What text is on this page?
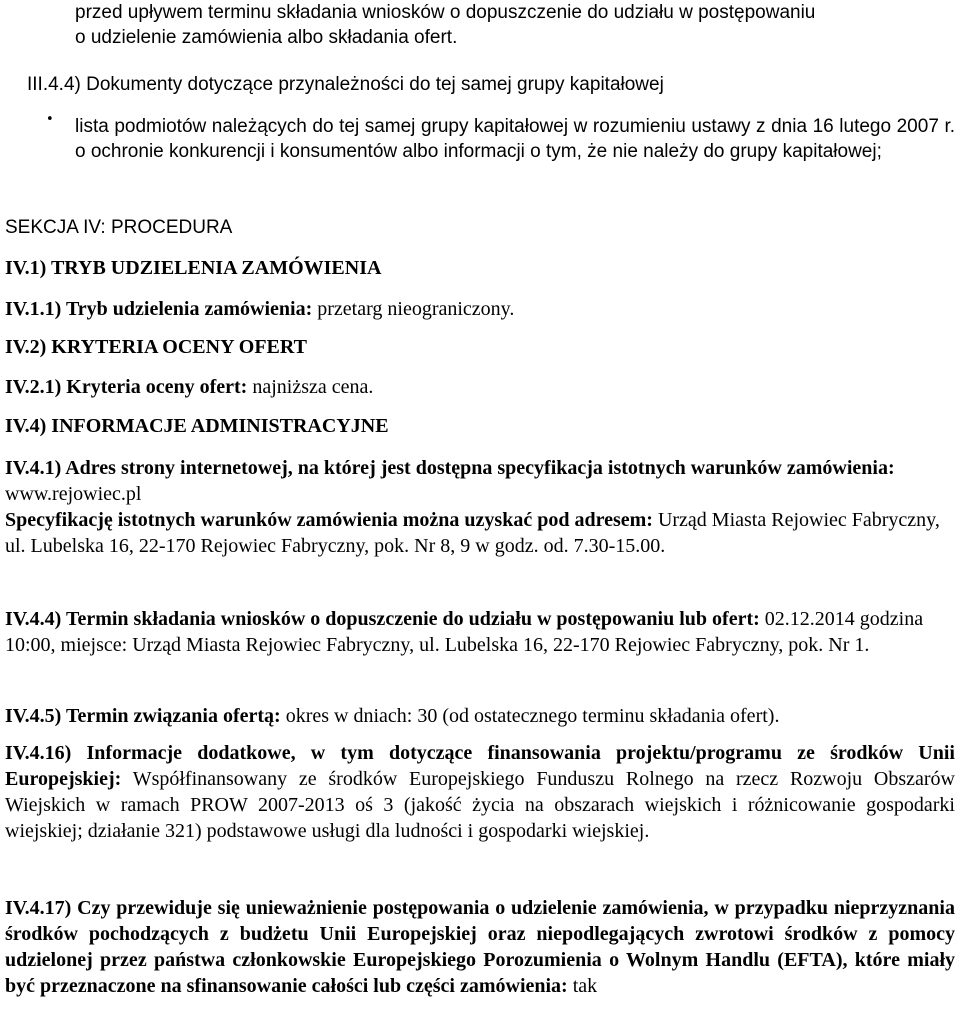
przed upływem terminu składania wniosków o dopuszczenie do udziału w postępowaniu
o udzielenie zamówienia albo składania ofert.

III.4.4) Dokumenty dotyczące przynależności do tej samej grupy kapitałowej

• lista podmiotów należących do tej samej grupy kapitałowej w rozumieniu ustawy z dnia 16 lutego 2007 r. o ochronie konkurencji i konsumentów albo informacji o tym, że nie należy do grupy kapitałowej;

SEKCJA IV: PROCEDURA

IV.1) TRYB UDZIELENIA ZAMÓWIENIA

IV.1.1) Tryb udzielenia zamówienia: przetarg nieograniczony.

IV.2) KRYTERIA OCENY OFERT

IV.2.1) Kryteria oceny ofert: najniższa cena.

IV.4) INFORMACJE ADMINISTRACYJNE

IV.4.1) Adres strony internetowej, na której jest dostępna specyfikacja istotnych warunków zamówienia: www.rejowiec.pl
Specyfikację istotnych warunków zamówienia można uzyskać pod adresem: Urząd Miasta Rejowiec Fabryczny, ul. Lubelska 16, 22-170 Rejowiec Fabryczny, pok. Nr 8, 9 w godz. od. 7.30-15.00.

IV.4.4) Termin składania wniosków o dopuszczenie do udziału w postępowaniu lub ofert: 02.12.2014 godzina 10:00, miejsce: Urząd Miasta Rejowiec Fabryczny, ul. Lubelska 16, 22-170 Rejowiec Fabryczny, pok. Nr 1.

IV.4.5) Termin związania ofertą: okres w dniach: 30 (od ostatecznego terminu składania ofert).

IV.4.16) Informacje dodatkowe, w tym dotyczące finansowania projektu/programu ze środków Unii Europejskiej: Współfinansowany ze środków Europejskiego Funduszu Rolnego na rzecz Rozwoju Obszarów Wiejskich w ramach PROW 2007-2013 oś 3 (jakość życia na obszarach wiejskich i różnicowanie gospodarki wiejskiej; działanie 321) podstawowe usługi dla ludności i gospodarki wiejskiej.

IV.4.17) Czy przewiduje się unieważnienie postępowania o udzielenie zamówienia, w przypadku nieprzyznania środków pochodzących z budżetu Unii Europejskiej oraz niepodlegających zwrotowi środków z pomocy udzielonej przez państwa członkowskie Europejskiego Porozumienia o Wolnym Handlu (EFTA), które miały być przeznaczone na sfinansowanie całości lub części zamówienia: tak
